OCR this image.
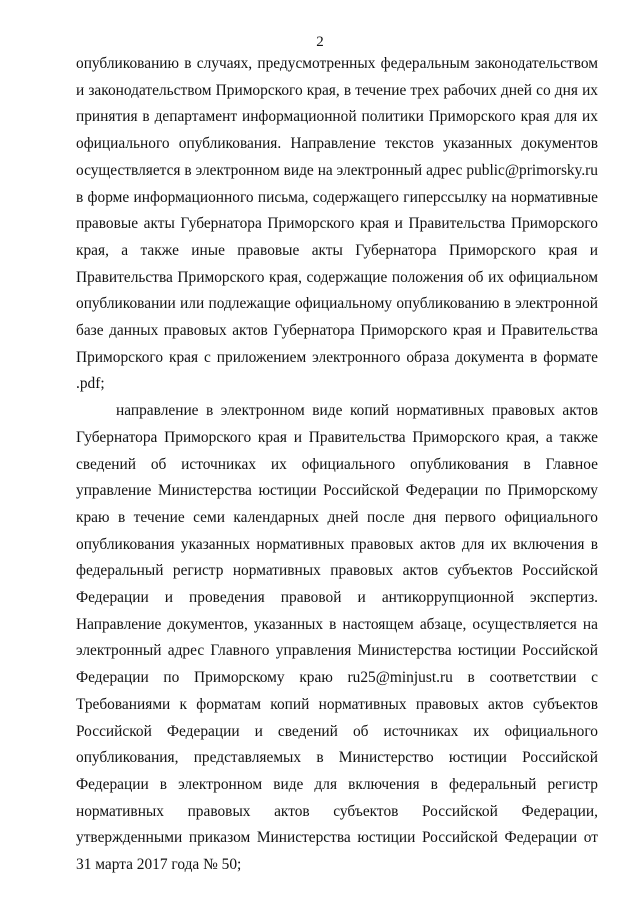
2

опубликованию в случаях, предусмотренных федеральным законодательством и законодательством Приморского края, в течение трех рабочих дней со дня их принятия в департамент информационной политики Приморского края для их официального опубликования. Направление текстов указанных документов осуществляется в электронном виде на электронный адрес public@primorsky.ru в форме информационного письма, содержащего гиперссылку на нормативные правовые акты Губернатора Приморского края и Правительства Приморского края, а также иные правовые акты Губернатора Приморского края и Правительства Приморского края, содержащие положения об их официальном опубликовании или подлежащие официальному опубликованию в электронной базе данных правовых актов Губернатора Приморского края и Правительства Приморского края с приложением электронного образа документа в формате .pdf;

направление в электронном виде копий нормативных правовых актов Губернатора Приморского края и Правительства Приморского края, а также сведений об источниках их официального опубликования в Главное управление Министерства юстиции Российской Федерации по Приморскому краю в течение семи календарных дней после дня первого официального опубликования указанных нормативных правовых актов для их включения в федеральный регистр нормативных правовых актов субъектов Российской Федерации и проведения правовой и антикоррупционной экспертиз. Направление документов, указанных в настоящем абзаце, осуществляется на электронный адрес Главного управления Министерства юстиции Российской Федерации по Приморскому краю ru25@minjust.ru в соответствии с Требованиями к форматам копий нормативных правовых актов субъектов Российской Федерации и сведений об источниках их официального опубликования, представляемых в Министерство юстиции Российской Федерации в электронном виде для включения в федеральный регистр нормативных правовых актов субъектов Российской Федерации, утвержденными приказом Министерства юстиции Российской Федерации от 31 марта 2017 года № 50;
